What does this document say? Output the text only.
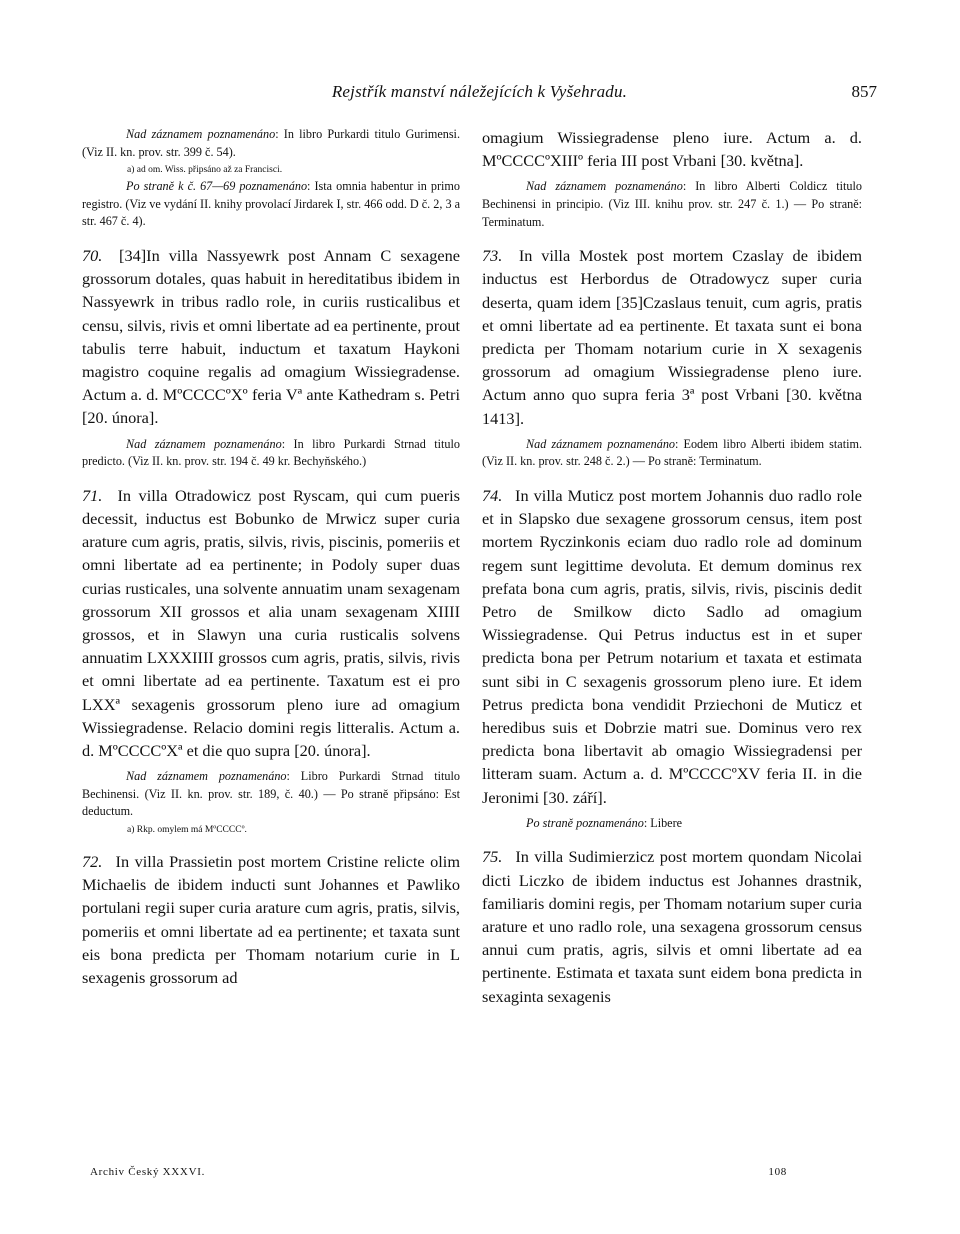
Rejstřík manství náležejících k Vyšehradu.	857

Nad záznamem poznamenáno: In libro Purkardi titulo Gurimensi. (Viz II. kn. prov. str. 399 č. 54).

a) ad om. Wiss. připsáno až za Francisci.

Po straně k č. 67—69 poznamenáno: Ista omnia habentur in primo registro. (Viz ve vydání II. knihy provolací Jirdarek I, str. 466 odd. D č. 2, 3 a str. 467 č. 4).

70. [34]In villa Nassyewrk post Annam C sexagene grossorum dotales, quas habuit in hereditatibus ibidem in Nassyewrk in tribus radlo role, in curiis rusticalibus et censu, silvis, rivis et omni libertate ad ea pertinente, prout tabulis terre habuit, inductum et taxatum Haykoni magistro coquine regalis ad omagium Wissiegradense. Actum a. d. MºCCCCºXº feria Vª ante Kathedram s. Petri [20. února].

Nad záznamem poznamenáno: In libro Purkardi Strnad titulo predicto. (Viz II. kn. prov. str. 194 č. 49 kr. Bechyňského.)

71. In villa Otradowicz post Ryscam, qui cum pueris decessit, inductus est Bobunko de Mrwicz super curia arature cum agris, pratis, silvis, rivis, piscinis, pomeriis et omni libertate ad ea pertinente; in Podoly super duas curias rusticales, una solvente annuatim unam sexagenam grossorum XII grossos et alia unam sexagenam XIIII grossos, et in Slawyn una curia rusticalis solvens annuatim LXXXIIII grossos cum agris, pratis, silvis, rivis et omni libertate ad ea pertinente. Taxatum est ei pro LXXª sexagenis grossorum pleno iure ad omagium Wissiegradense. Relacio domini regis litteralis. Actum a. d. MºCCCCºXª et die quo supra [20. února].

Nad záznamem poznamenáno: Libro Purkardi Strnad titulo Bechinensi. (Viz II. kn. prov. str. 189, č. 40.) — Po straně připsáno: Est deductum.

a) Rkp. omylem má MºCCCCº.

72. In villa Prassietin post mortem Cristine relicte olim Michaelis de ibidem inducti sunt Johannes et Pawliko portulani regii super curia arature cum agris, pratis, silvis, pomeriis et omni libertate ad ea pertinente; et taxata sunt eis bona predicta per Thomam notarium curie in L sexagenis grossorum ad

omagium Wissiegradense pleno iure. Actum a. d. MºCCCCºXIIIº feria III post Vrbani [30. května].

Nad záznamem poznamenáno: In libro Alberti Coldicz titulo Bechinensi in principio. (Viz III. knihu prov. str. 247 č. 1.) — Po straně: Terminatum.

73. In villa Mostek post mortem Czaslay de ibidem inductus est Herbordus de Otradowycz super curia deserta, quam idem [35]Czaslaus tenuit, cum agris, pratis et omni libertate ad ea pertinente. Et taxata sunt ei bona predicta per Thomam notarium curie in X sexagenis grossorum ad omagium Wissiegradense pleno iure. Actum anno quo supra feria 3ª post Vrbani [30. května 1413].

Nad záznamem poznamenáno: Eodem libro Alberti ibidem statim. (Viz II. kn. prov. str. 248 č. 2.) — Po straně: Terminatum.

74. In villa Muticz post mortem Johannis duo radlo role et in Slapsko due sexagene grossorum census, item post mortem Ryczinkonis eciam duo radlo role ad dominum regem sunt legittime devoluta. Et demum dominus rex prefata bona cum agris, pratis, silvis, rivis, piscinis dedit Petro de Smilkow dicto Sadlo ad omagium Wissiegradense. Qui Petrus inductus est in et super predicta bona per Petrum notarium et taxata et estimata sunt sibi in C sexagenis grossorum pleno iure. Et idem Petrus predicta bona vendidit Prziechoni de Muticz et heredibus suis et Dobrzie matri sue. Dominus vero rex predicta bona libertavit ab omagio Wissiegradensi per litteram suam. Actum a. d. MºCCCCºXV feria II. in die Jeronimi [30. září].

Po straně poznamenáno: Libere

75. In villa Sudimierzicz post mortem quondam Nicolai dicti Liczko de ibidem inductus est Johannes drastnik, familiaris domini regis, per Thomam notarium super curia arature et uno radlo role, una sexagena grossorum census annui cum pratis, agris, silvis et omni libertate ad ea pertinente. Estimata et taxata sunt eidem bona predicta in sexaginta sexagenis

Archiv Český XXXVI.	108
